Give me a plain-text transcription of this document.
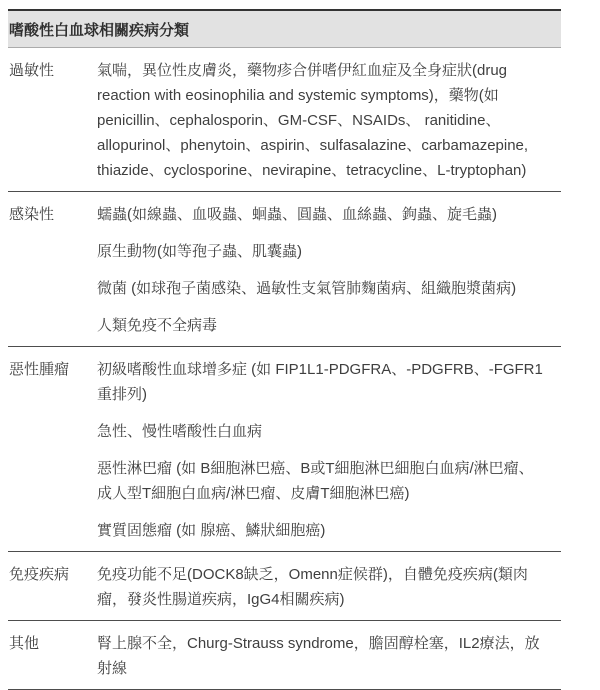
嗜酸性白血球相關疾病分類
過敏性	氣喘，異位性皮膚炎，藥物疹合併嗜伊紅血症及全身症狀(drug reaction with eosinophilia and systemic symptoms)，藥物(如penicillin、cephalosporin、GM-CSF、NSAIDs、 ranitidine、allopurinol、phenytoin、aspirin、sulfasalazine、carbamazepine, thiazide、cyclosporine、nevirapine、tetracycline、L-tryptophan)

感染性	蠕蟲(如線蟲、血吸蟲、蛔蟲、圓蟲、血絲蟲、鉤蟲、旋毛蟲)

原生動物(如等孢子蟲、肌囊蟲)

微菌 (如球孢子菌感染、過敏性支氣管肺麴菌病、組織胞漿菌病)

人類免疫不全病毒

惡性腫瘤	初級嗜酸性血球增多症 (如 FIP1L1-PDGFRA、-PDGFRB、-FGFR1 重排列)

急性、慢性嗜酸性白血病

惡性淋巴瘤 (如 B細胞淋巴癌、B或T細胞淋巴細胞白血病/淋巴瘤、成人型T細胞白血病/淋巴瘤、皮膚T細胞淋巴癌)

實質固態瘤 (如 腺癌、鱗狀細胞癌)

免疫疾病	免疫功能不足(DOCK8缺乏，Omenn症候群)，自體免疫疾病(類肉瘤，發炎性腸道疾病，IgG4相關疾病)

其他	腎上腺不全，Churg-Strauss syndrome，膽固醇栓塞，IL2療法，放射線
